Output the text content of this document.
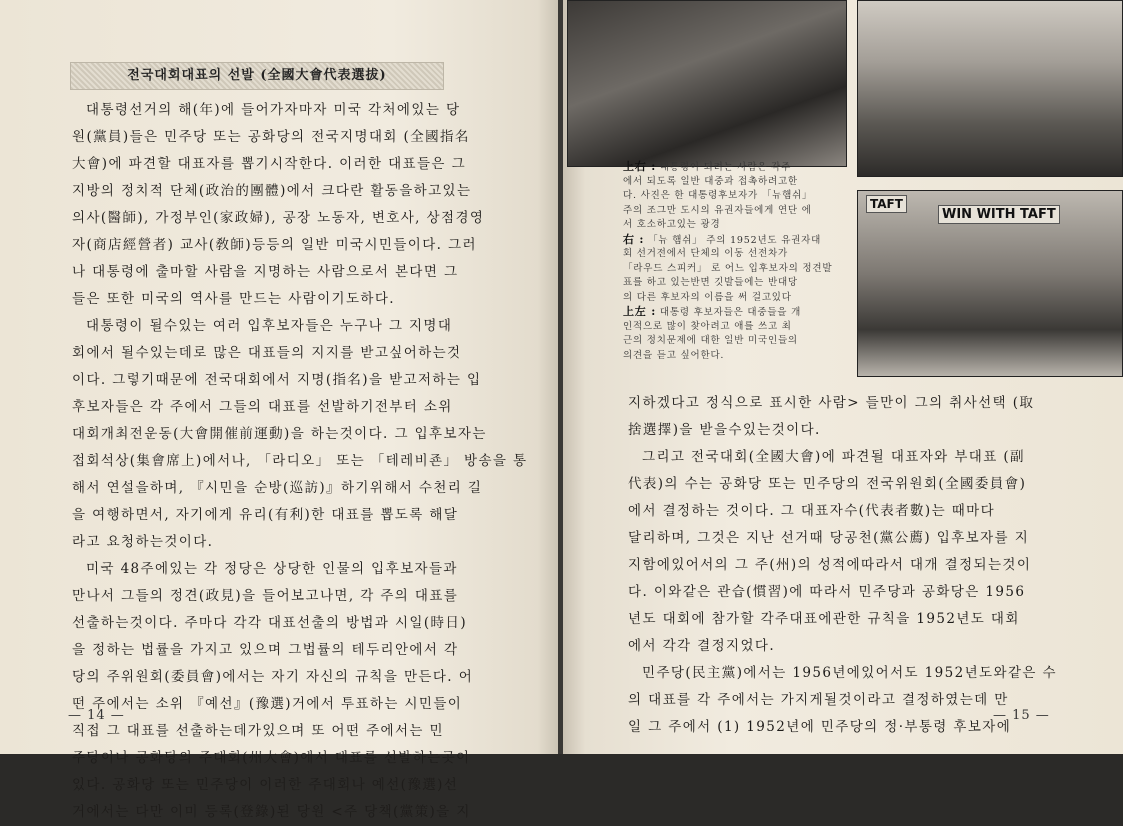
전국대회대표의 선발 (全國大會代表選拔)
대통령선거의 해(年)에 들어가자마자 미국 각처에있는 당
원(黨員)들은 민주당 또는 공화당의 전국지명대회 (全國指名
大會)에 파견할 대표자를 뽑기시작한다. 이러한 대표들은 그
지방의 정치적 단체(政治的團體)에서 크다란 활동을하고있는
의사(醫師), 가정부인(家政婦), 공장 노동자, 변호사, 상점경영
자(商店經營者) 교사(敎師)등등의 일반 미국시민들이다. 그러
나 대통령에 출마할 사람을 지명하는 사람으로서 본다면 그
들은 또한 미국의 역사를 만드는 사람이기도하다.
대통령이 될수있는 여러 입후보자들은 누구나 그 지명대
회에서 될수있는데로 많은 대표들의 지지를 받고싶어하는것
이다. 그렇기때문에 전국대회에서 지명(指名)을 받고저하는 입
후보자들은 각 주에서 그들의 대표를 선발하기전부터 소위
대회개최전운동(大會開催前運動)을 하는것이다. 그 입후보자는
접회석상(集會席上)에서나, 「라디오」 또는 「테레비죤」 방송을 통
해서 연설을하며, 『시민을 순방(巡訪)』하기위해서 수천리 길
을 여행하면서, 자기에게 유리(有利)한 대표를 뽑도록 해달
라고 요청하는것이다.
미국 48주에있는 각 정당은 상당한 인물의 입후보자들과
만나서 그들의 정견(政見)을 들어보고나면, 각 주의 대표를
선출하는것이다. 주마다 각각 대표선출의 방법과 시일(時日)
을 정하는 법률을 가지고 있으며 그법률의 테두리안에서 각
당의 주위원회(委員會)에서는 자기 자신의 규칙을 만든다. 어
떤 주에서는 소위 『예선』(豫選)거에서 투표하는 시민들이
직접 그 대표를 선출하는데가있으며 또 어떤 주에서는 민
주당이나 공화당의 주대회(州大會)에서 대표를 선발하는곳이
있다. 공화당 또는 민주당이 이러한 주대회나 예선(豫選)선
거에서는 다만 이미 등록(登錄)된 당원 <주 당책(黨策)을 지
— 14 —
TAFT
WIN WITH TAFT
上右 : 대통령이 되려는 사람은 각주
에서 되도록 일반 대중과 접촉하려고한
다. 사진은 한 대통령후보자가 「뉴햄쉬」
주의 조그만 도시의 유권자들에게 연단 에
서 호소하고있는 광경
右 : 「뉴 햄쉬」 주의 1952년도 유권자대
회 선거전에서 단체의 이동 선전차가
「라우드 스피커」 로 어느 입후보자의 정견발
표를 하고 있는반면 깃발들에는 반대당
의 다른 후보자의 이름을 써 걸고있다
上左 : 대통령 후보자들은 대중들을 개
인적으로 많이 찾아려고 애를 쓰고 최
근의 정치문제에 대한 일반 미국인들의
의견을 듣고 싶어한다.
지하겠다고 정식으로 표시한 사람> 들만이 그의 취사선택 (取
捨選擇)을 받을수있는것이다.
그리고 전국대회(全國大會)에 파견될 대표자와 부대표 (副
代表)의 수는 공화당 또는 민주당의 전국위원회(全國委員會)
에서 결정하는 것이다. 그 대표자수(代表者數)는 때마다
달리하며, 그것은 지난 선거때 당공천(黨公薦) 입후보자를 지
지함에있어서의 그 주(州)의 성적에따라서 대개 결정되는것이
다. 이와같은 관습(慣習)에 따라서 민주당과 공화당은 1956
년도 대회에 참가할 각주대표에관한 규칙을 1952년도 대회
에서 각각 결정지었다.
민주당(民主黨)에서는 1956년에있어서도 1952년도와같은 수
의 대표를 각 주에서는 가지게될것이라고 결정하였는데 만
일 그 주에서 (1) 1952년에 민주당의 정·부통령 후보자에
— 15 —
